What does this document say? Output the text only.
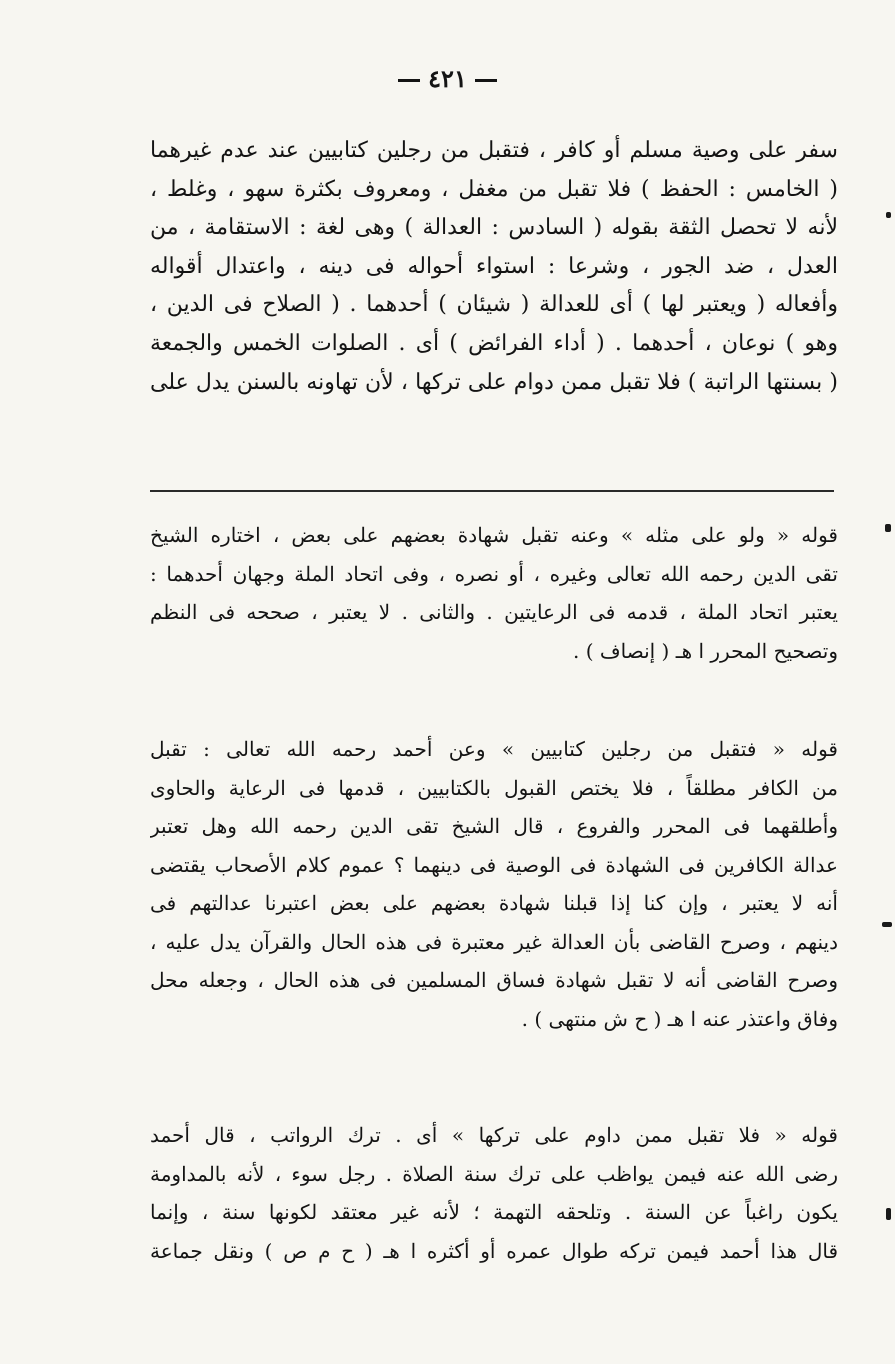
٤٢١
سفر على وصية مسلم أو كافر ، فتقبل من رجلين كتابيين عند عدم غيرهما
( الخامس : الحفظ ) فلا تقبل من مغفل ، ومعروف بكثرة سهو ، وغلط ،
لأنه لا تحصل الثقة بقوله ( السادس : العدالة ) وهى لغة : الاستقامة ، من
العدل ، ضد الجور ، وشرعا : استواء أحواله فى دينه ، واعتدال أقواله
وأفعاله ( ويعتبر لها ) أى للعدالة ( شيئان ) أحدهما . ( الصلاح فى الدين ،
وهو ) نوعان ، أحدهما . ( أداء الفرائض ) أى . الصلوات الخمس والجمعة
( بسنتها الراتبة ) فلا تقبل ممن دوام على تركها ، لأن تهاونه بالسنن يدل على
قوله « ولو على مثله » وعنه تقبل شهادة بعضهم على بعض ، اختاره الشيخ
تقى الدين رحمه الله تعالى وغيره ، أو نصره ، وفى اتحاد الملة وجهان أحدهما :
يعتبر اتحاد الملة ، قدمه فى الرعايتين . والثانى . لا يعتبر ، صححه فى النظم
وتصحيح المحرر ا هـ ( إنصاف ) .
قوله « فتقبل من رجلين كتابيين » وعن أحمد رحمه الله تعالى : تقبل
من الكافر مطلقاً ، فلا يختص القبول بالكتابيين ، قدمها فى الرعاية والحاوى
وأطلقهما فى المحرر والفروع ، قال الشيخ تقى الدين رحمه الله وهل تعتبر
عدالة الكافرين فى الشهادة فى الوصية فى دينهما ؟ عموم كلام الأصحاب يقتضى
أنه لا يعتبر ، وإن كنا إذا قبلنا شهادة بعضهم على بعض اعتبرنا عدالتهم فى
دينهم ، وصرح القاضى بأن العدالة غير معتبرة فى هذه الحال والقرآن يدل عليه ،
وصرح القاضى أنه لا تقبل شهادة فساق المسلمين فى هذه الحال ، وجعله محل
وفاق واعتذر عنه ا هـ ( ح ش منتهى ) .
قوله « فلا تقبل ممن داوم على تركها » أى . ترك الرواتب ، قال أحمد
رضى الله عنه فيمن يواظب على ترك سنة الصلاة . رجل سوء ، لأنه بالمداومة
يكون راغباً عن السنة . وتلحقه التهمة ؛ لأنه غير معتقد لكونها سنة ، وإنما
قال هذا أحمد فيمن تركه طوال عمره أو أكثره ا هـ ( ح م ص ) ونقل جماعة
